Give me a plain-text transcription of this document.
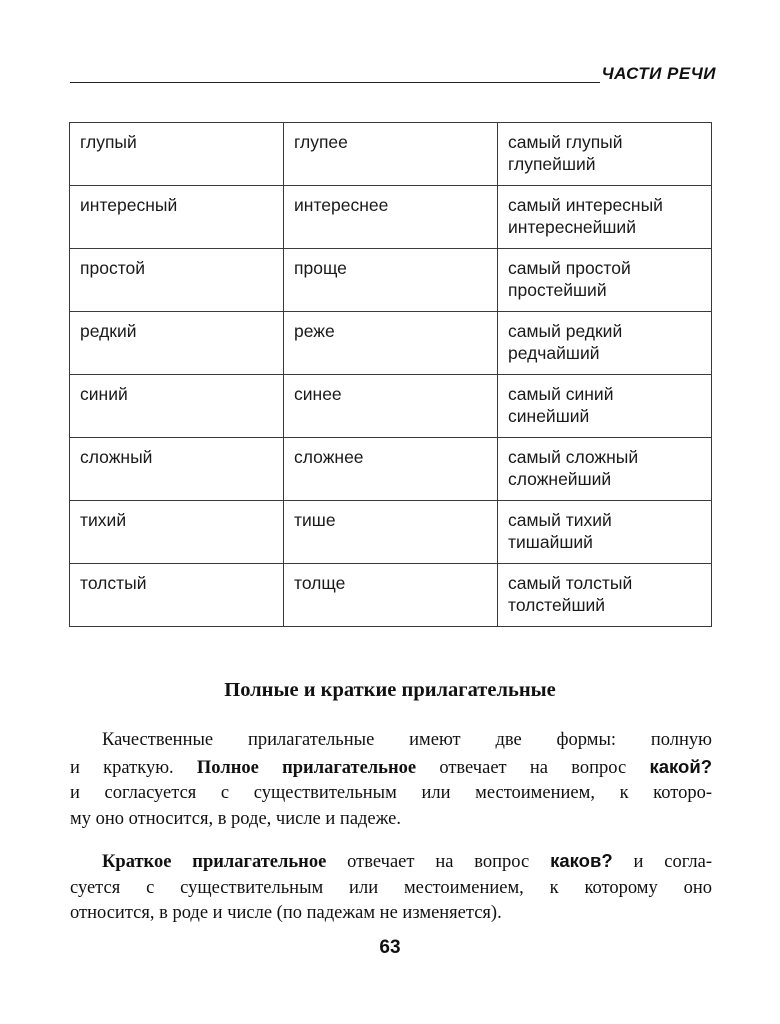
ЧАСТИ РЕЧИ
глупый	глупее	самый глупый
глупейший

интересный	интереснее	самый интересный
интереснейший

простой	проще	самый простой
простейший

редкий	реже	самый редкий
редчайший

синий	синее	самый синий
синейший

сложный	сложнее	самый сложный
сложнейший

тихий	тише	самый тихий
тишайший

толстый	толще	самый толстый
толстейший
Полные и краткие прилагательные
Качественные прилагательные имеют две формы: полную
и краткую. Полное прилагательное отвечает на вопрос какой?
и согласуется с существительным или местоимением, к которо-
му оно относится, в роде, числе и падеже.
Краткое прилагательное отвечает на вопрос каков? и согла-
суется с существительным или местоимением, к которому оно
относится, в роде и числе (по падежам не изменяется).
63
